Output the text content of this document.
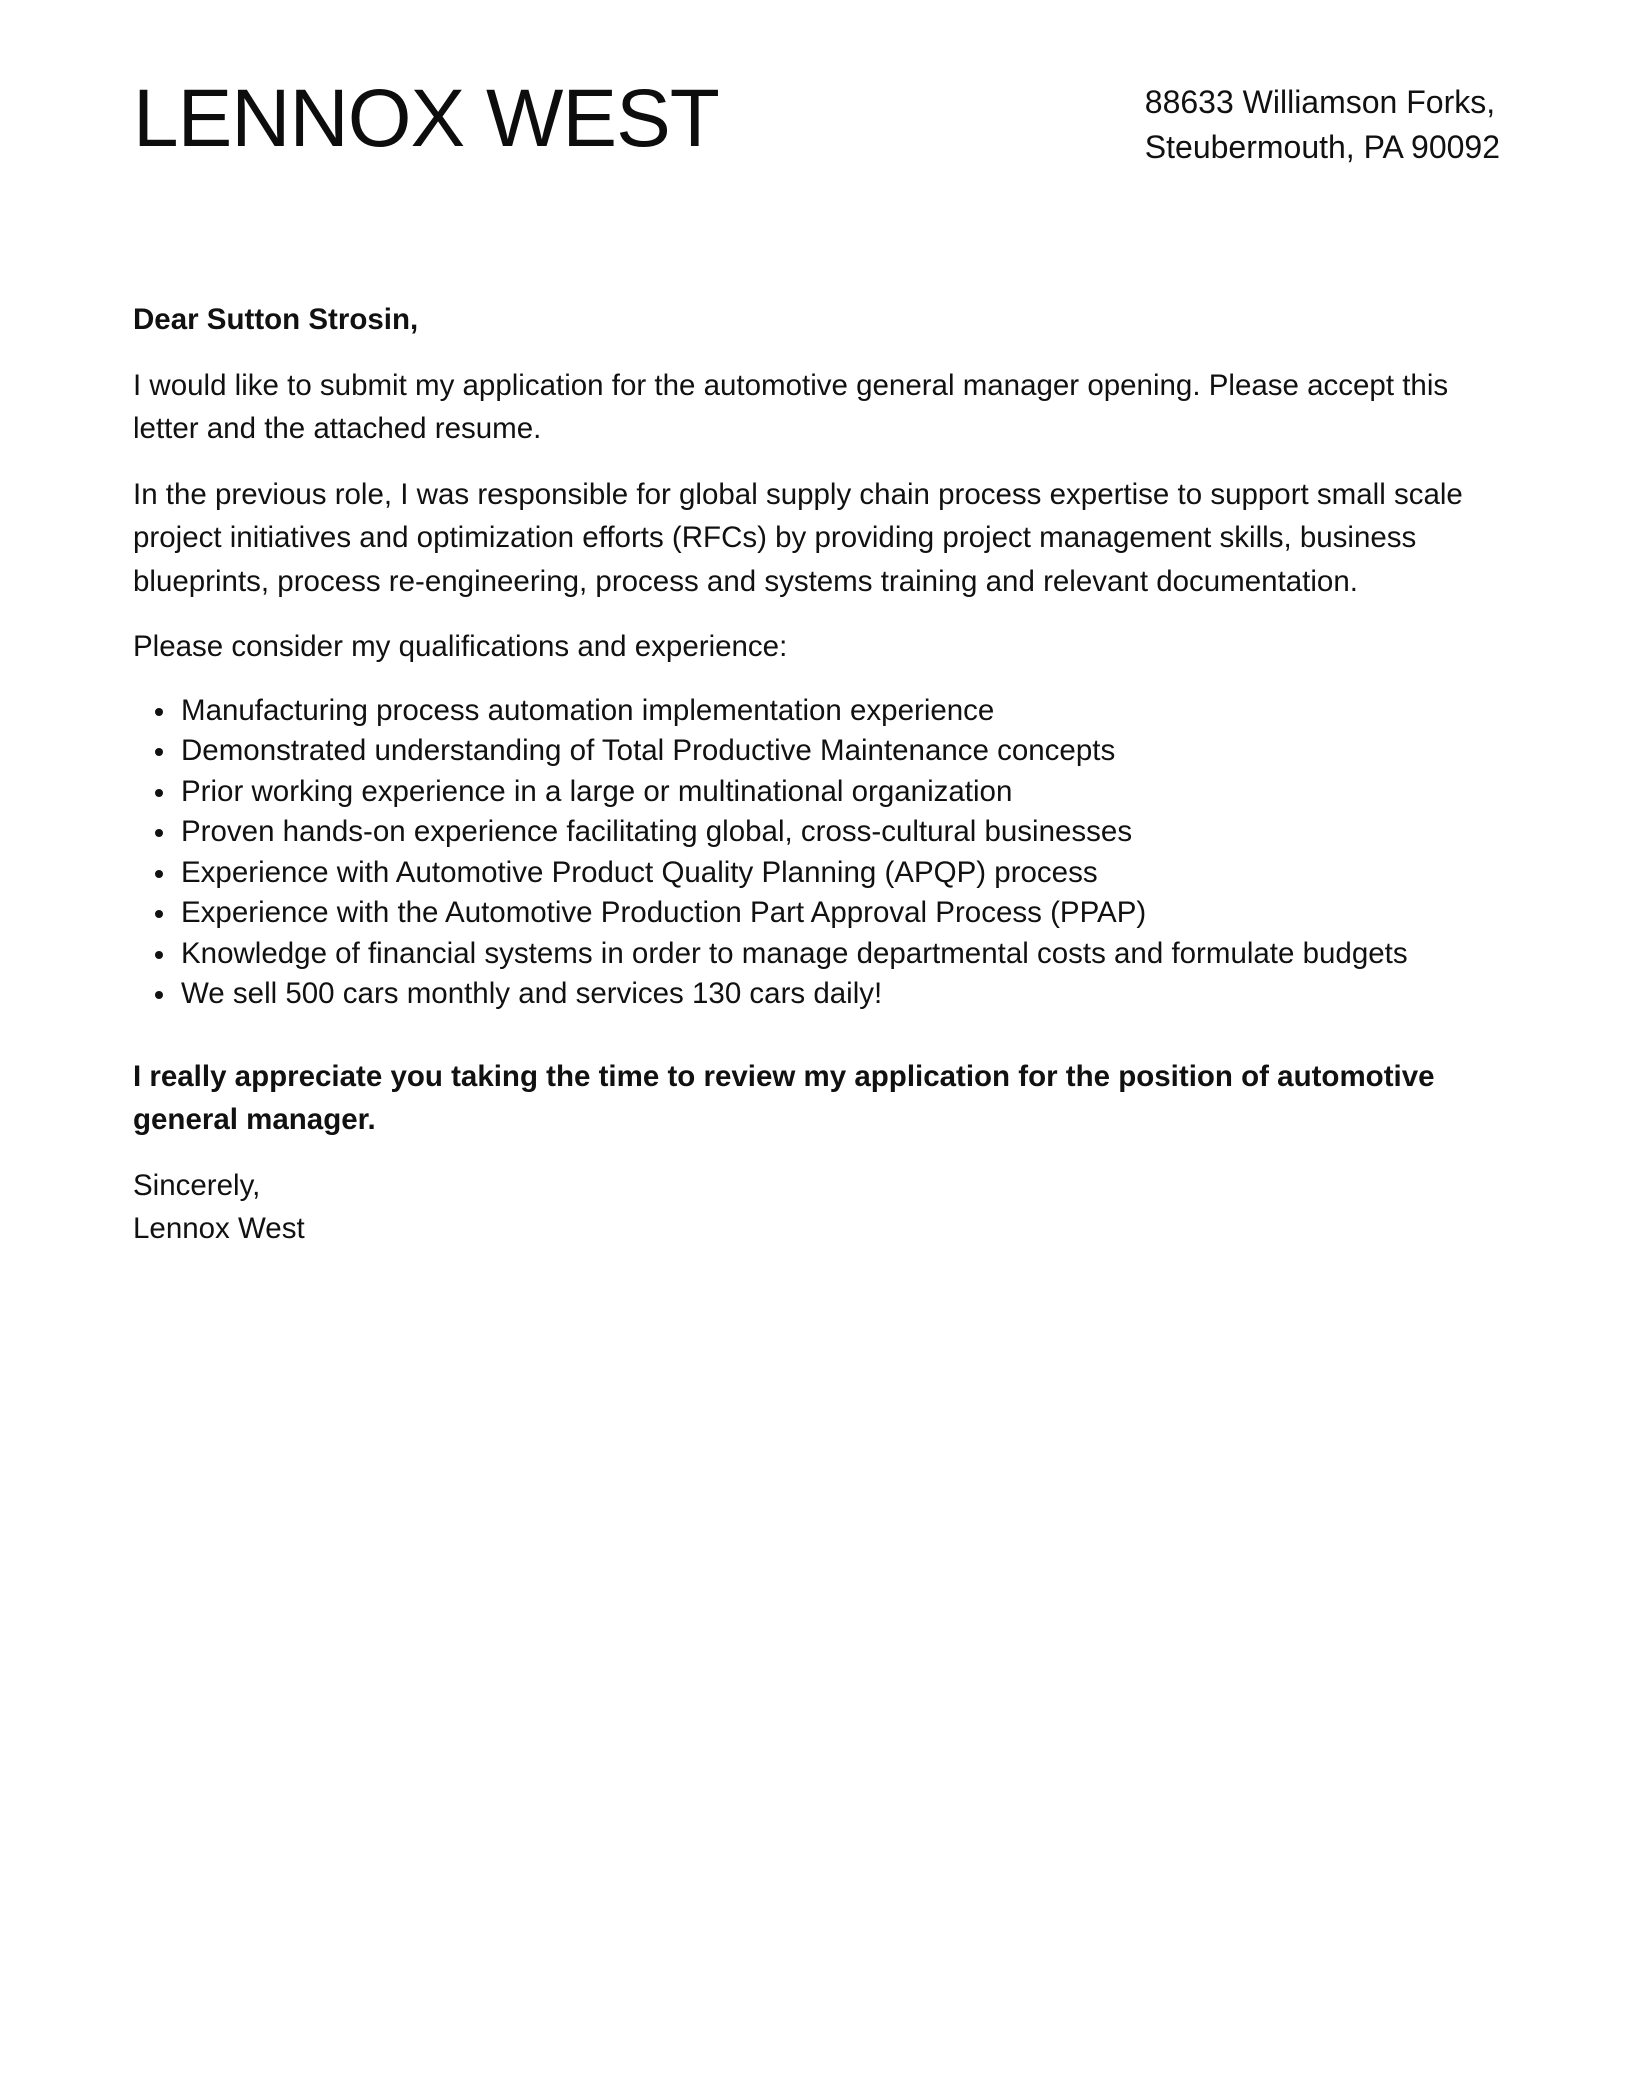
LENNOX WEST	88633 Williamson Forks,
Steubermouth, PA 90092

Dear Sutton Strosin,

I would like to submit my application for the automotive general manager opening. Please accept this letter and the attached resume.

In the previous role, I was responsible for global supply chain process expertise to support small scale project initiatives and optimization efforts (RFCs) by providing project management skills, business blueprints, process re-engineering, process and systems training and relevant documentation.

Please consider my qualifications and experience:

Manufacturing process automation implementation experience
Demonstrated understanding of Total Productive Maintenance concepts
Prior working experience in a large or multinational organization
Proven hands-on experience facilitating global, cross-cultural businesses
Experience with Automotive Product Quality Planning (APQP) process
Experience with the Automotive Production Part Approval Process (PPAP)
Knowledge of financial systems in order to manage departmental costs and formulate budgets
We sell 500 cars monthly and services 130 cars daily!

I really appreciate you taking the time to review my application for the position of automotive general manager.

Sincerely,
Lennox West
